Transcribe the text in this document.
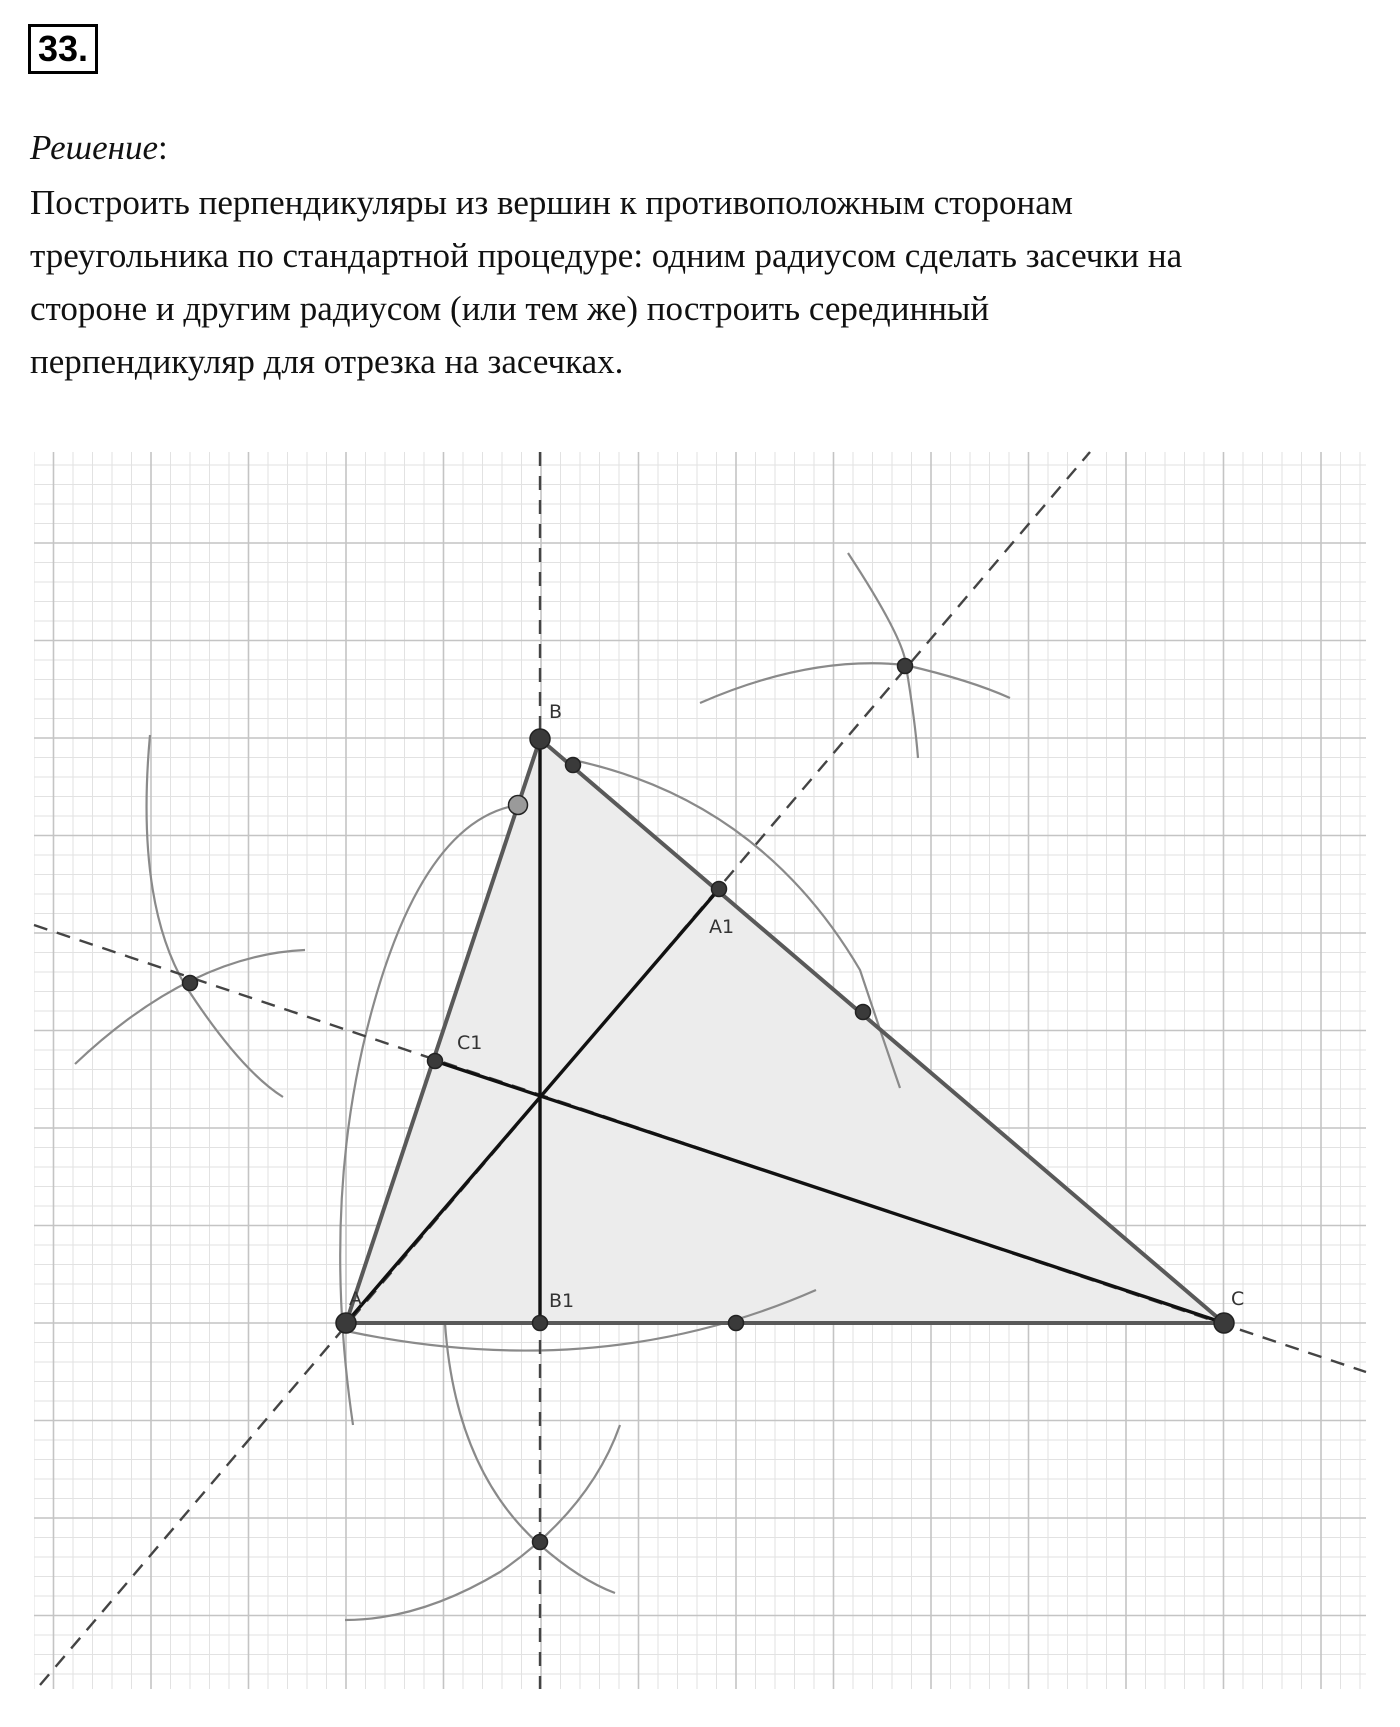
33.
Решение:
Построить перпендикуляры из вершин к противоположным сторонам
треугольника по стандартной процедуре: одним радиусом сделать засечки на
стороне и другим радиусом (или тем же) построить серединный
перпендикуляр для отрезка на засечках.
B
A1
C1
A	B1	C
